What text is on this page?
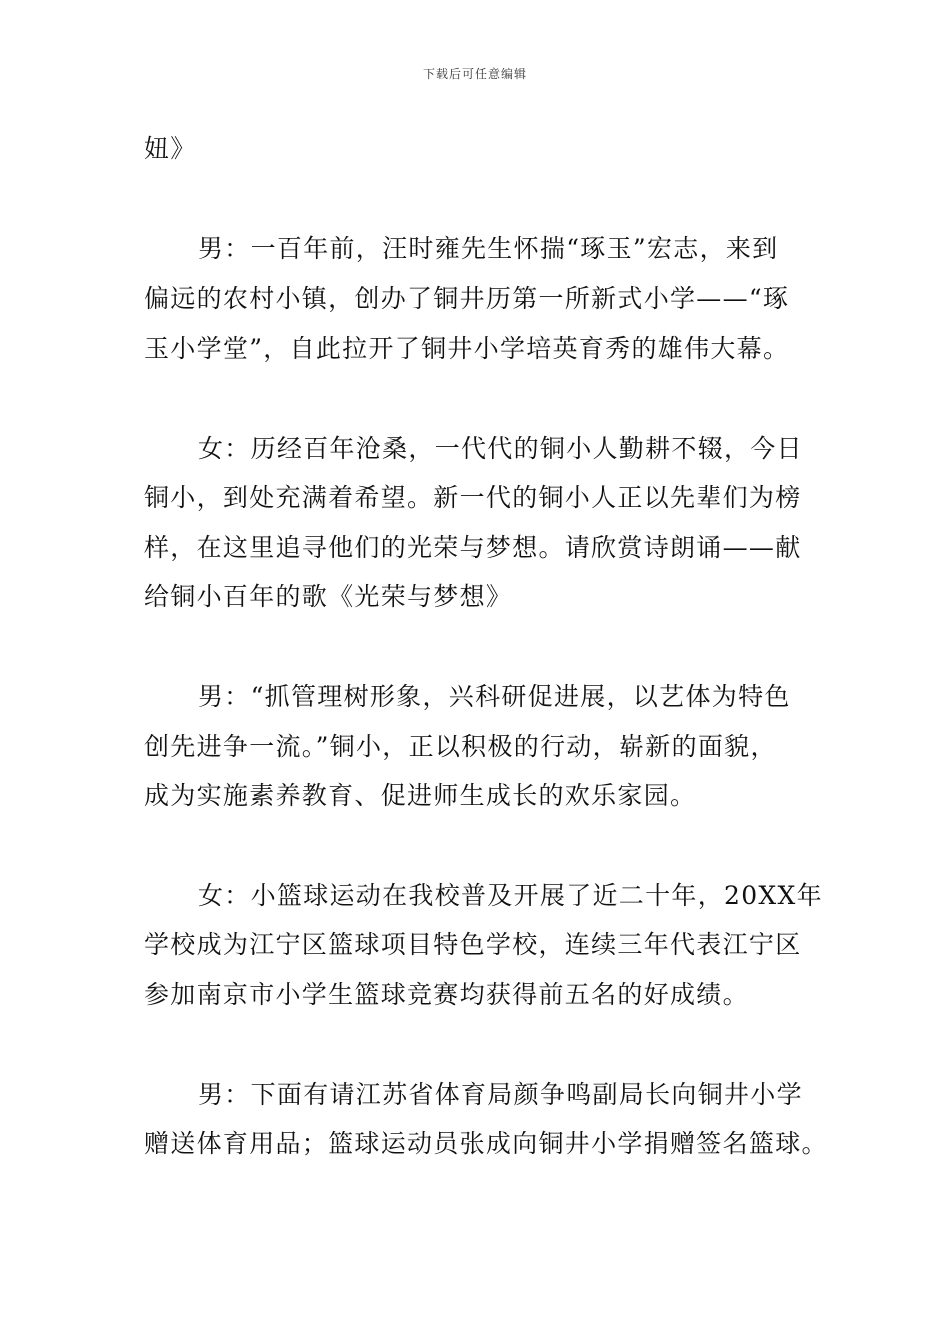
下载后可任意编辑
妞》
男：一百年前，汪时雍先生怀揣“琢玉”宏志，来到
偏远的农村小镇，创办了铜井历第一所新式小学——“琢
玉小学堂”，自此拉开了铜井小学培英育秀的雄伟大幕。
女：历经百年沧桑，一代代的铜小人勤耕不辍，今日
铜小，到处充满着希望。新一代的铜小人正以先辈们为榜
样，在这里追寻他们的光荣与梦想。请欣赏诗朗诵——献
给铜小百年的歌《光荣与梦想》
男：“抓管理树形象，兴科研促进展，以艺体为特色
创先进争一流。”铜小，正以积极的行动，崭新的面貌，
成为实施素养教育、促进师生成长的欢乐家园。
女：小篮球运动在我校普及开展了近二十年，20XX年
学校成为江宁区篮球项目特色学校，连续三年代表江宁区
参加南京市小学生篮球竞赛均获得前五名的好成绩。
男：下面有请江苏省体育局颜争鸣副局长向铜井小学
赠送体育用品；篮球运动员张成向铜井小学捐赠签名篮球。
